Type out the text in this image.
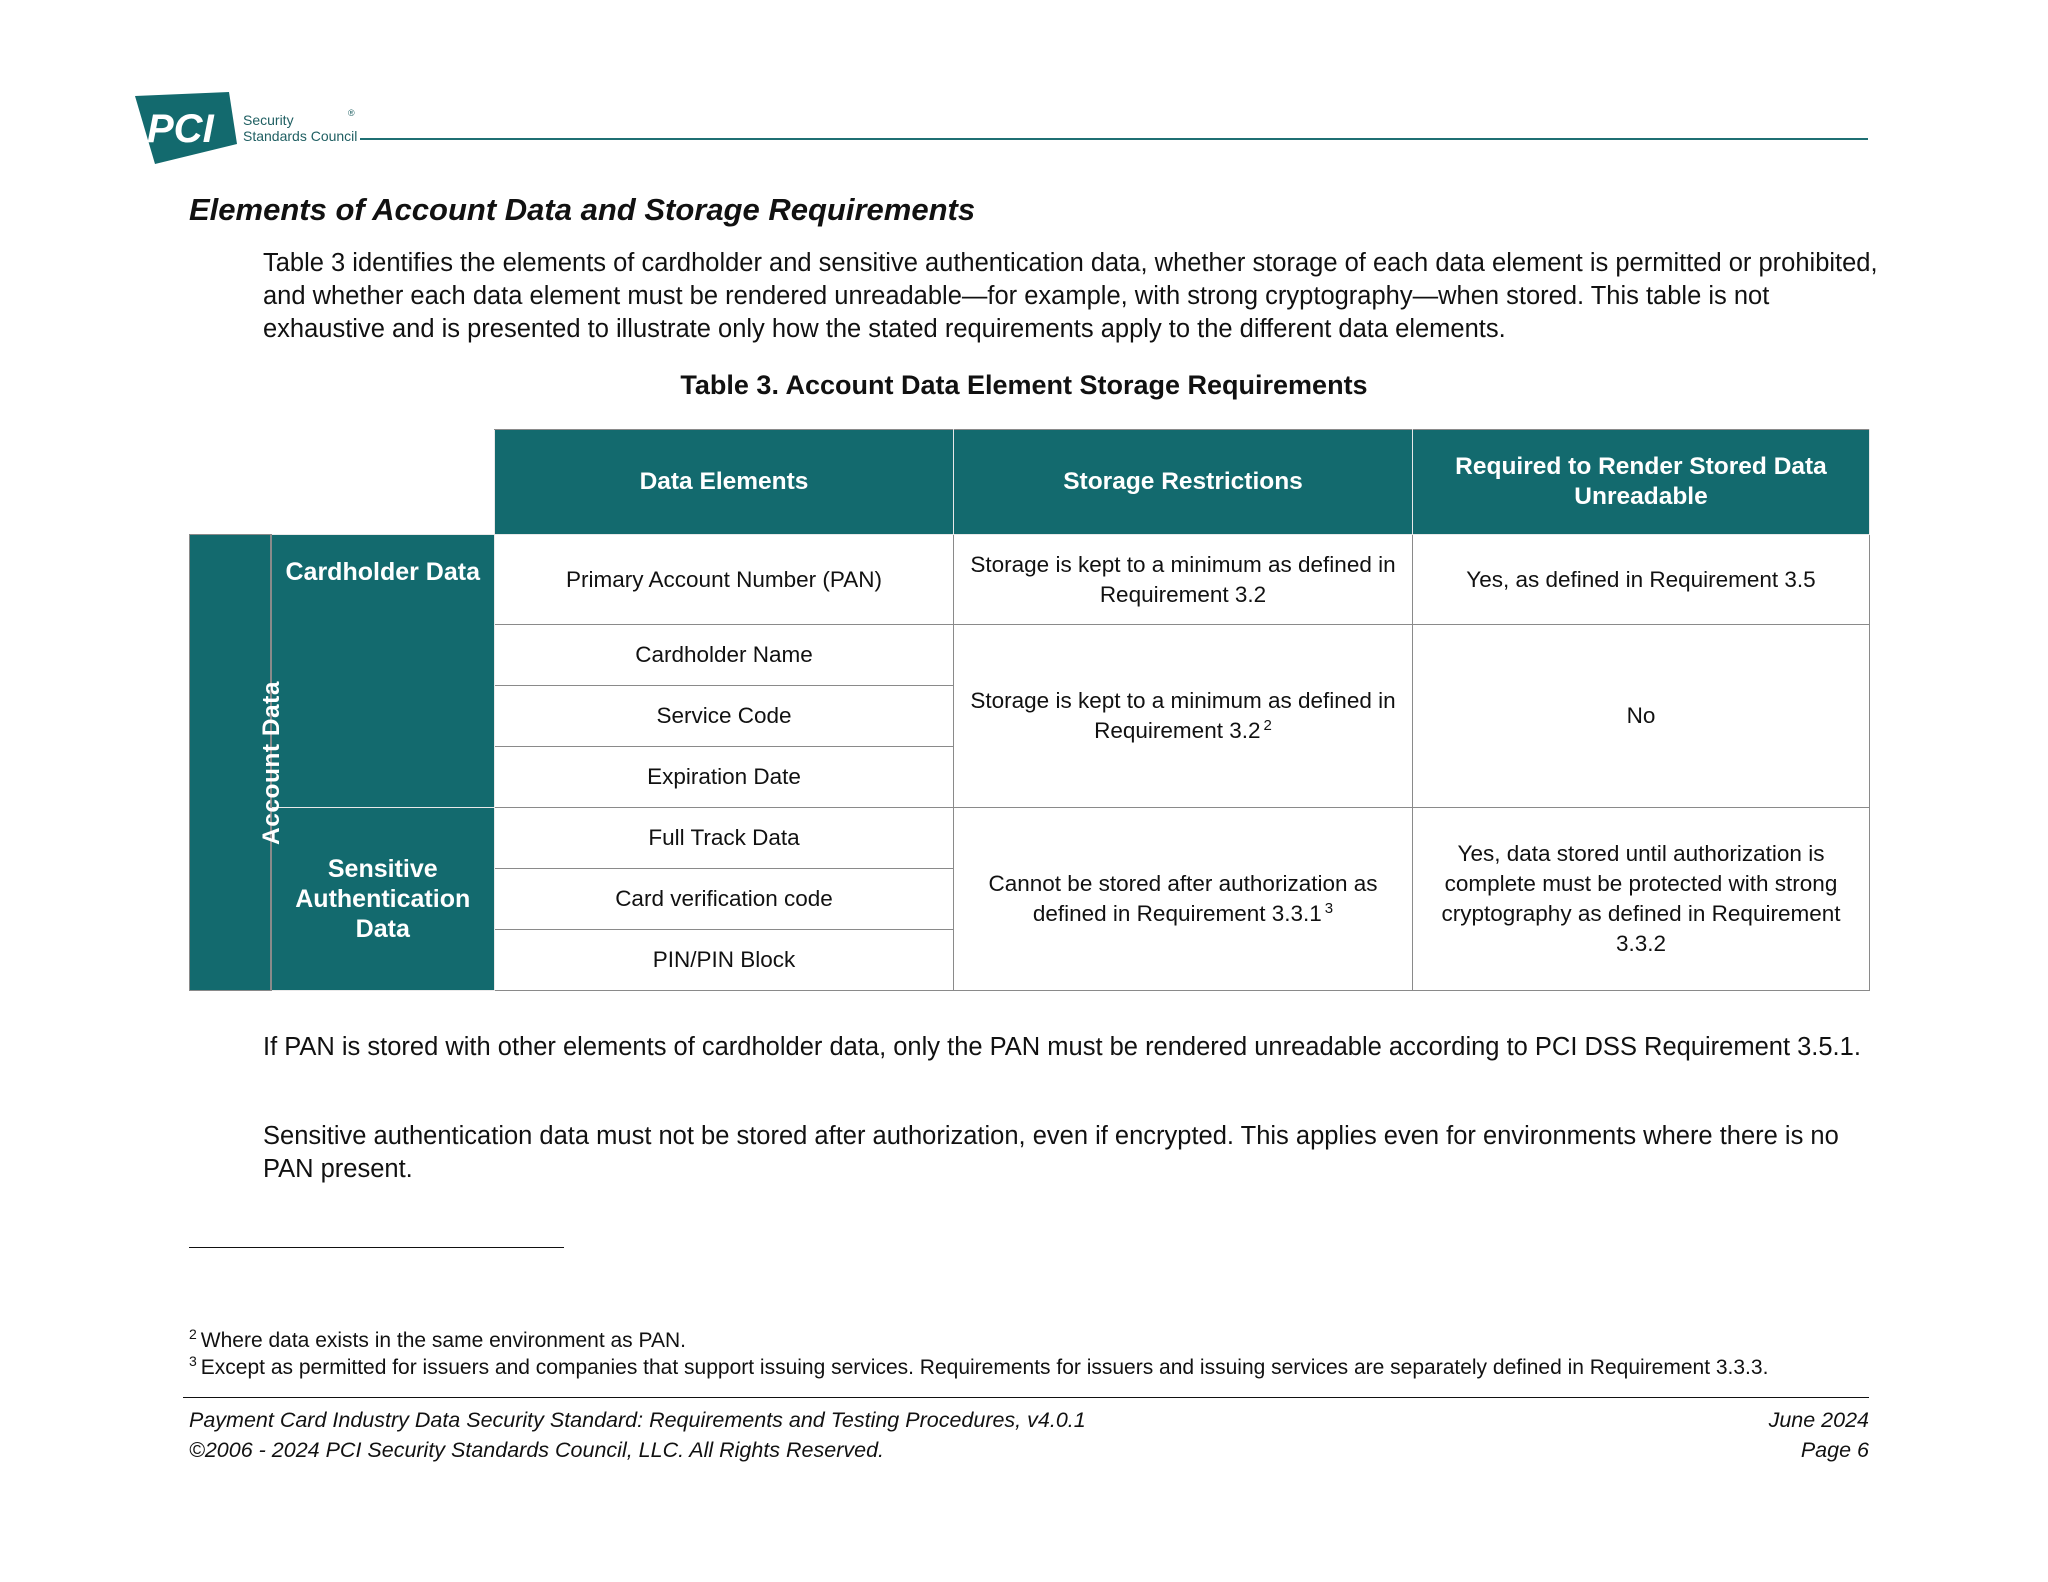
PCI Security
Standards Council
®
Elements of Account Data and Storage Requirements

Table 3 identifies the elements of cardholder and sensitive authentication data, whether storage of each data element is permitted or prohibited, and whether each data element must be rendered unreadable—for example, with strong cryptography—when stored. This table is not exhaustive and is presented to illustrate only how the stated requirements apply to the different data elements.

Table 3. Account Data Element Storage Requirements

		Data Elements	Storage Restrictions	Required to Render Stored Data Unreadable
Account Data	Cardholder Data	Primary Account Number (PAN)	Storage is kept to a minimum as defined in Requirement 3.2	Yes, as defined in Requirement 3.5
		Cardholder Name	Storage is kept to a minimum as defined in Requirement 3.2 $^2$	No
		Service Code		
		Expiration Date		
	Sensitive Authentication Data	Full Track Data	Cannot be stored after authorization as defined in Requirement 3.3.1 $^3$	Yes, data stored until authorization is complete must be protected with strong cryptography as defined in Requirement 3.3.2
		Card verification code		
		PIN/PIN Block		

If PAN is stored with other elements of cardholder data, only the PAN must be rendered unreadable according to PCI DSS Requirement 3.5.1.

Sensitive authentication data must not be stored after authorization, even if encrypted. This applies even for environments where there is no PAN present.

$^2$ Where data exists in the same environment as PAN.

$^3$ Except as permitted for issuers and companies that support issuing services. Requirements for issuers and issuing services are separately defined in Requirement 3.3.3.

Payment Card Industry Data Security Standard: Requirements and Testing Procedures, v4.0.1
©2006 - 2024 PCI Security Standards Council, LLC. All Rights Reserved.
June 2024
Page 6
